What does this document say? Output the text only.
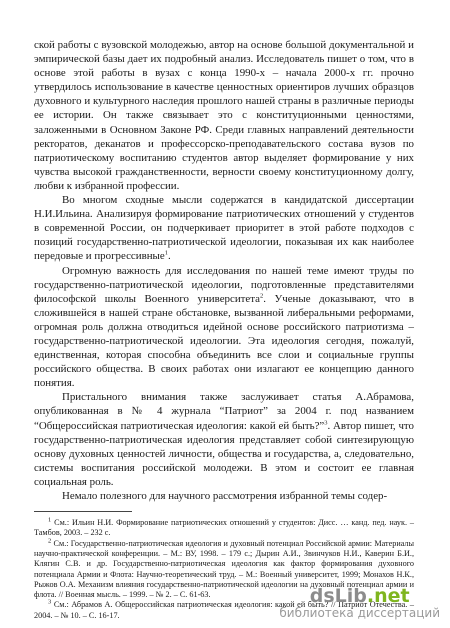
ской работы с вузовской молодежью, автор на основе большой документальной и эмпирической базы дает их подробный анализ. Исследователь пишет о том, что в основе этой работы в вузах с конца 1990-х – начала 2000-х гг. прочно утвердилось использование в качестве ценностных ориентиров лучших образцов духовного и культурного наследия прошлого нашей страны в различные периоды ее истории. Он также связывает это с конституционными ценностями, заложенными в Основном Законе РФ. Среди главных направлений деятельности ректоратов, деканатов и профессорско-преподавательского состава вузов по патриотическому воспитанию студентов автор выделяет формирование у них чувства высокой гражданственности, верности своему конституционному долгу, любви к избранной профессии.

Во многом сходные мысли содержатся в кандидатской диссертации Н.И.Ильина. Анализируя формирование патриотических отношений у студентов в современной России, он подчеркивает приоритет в этой работе подходов с позиций государственно-патриотической идеологии, показывая их как наиболее передовые и прогрессивные$^1$.

Огромную важность для исследования по нашей теме имеют труды по государственно-патриотической идеологии, подготовленные представителями философской школы Военного университета$^2$. Ученые доказывают, что в сложившейся в нашей стране обстановке, вызванной либеральными реформами, огромная роль должна отводиться идейной основе российского патриотизма – государственно-патриотической идеологии. Эта идеология сегодня, пожалуй, единственная, которая способна объединить все слои и социальные группы российского общества. В своих работах они излагают ее концепцию данного понятия.

Пристального внимания также заслуживает статья А.Абрамова, опубликованная в № 4 журнала “Патриот” за 2004 г. под названием “Общероссийская патриотическая идеология: какой ей быть?”$^3$. Автор пишет, что государственно-патриотическая идеология представляет собой синтезирующую основу духовных ценностей личности, общества и государства, а, следовательно, системы воспитания российской молодежи. В этом и состоит ее главная социальная роль.

Немало полезного для научного рассмотрения избранной темы содер-

$^1$ См.: Ильин Н.И. Формирование патриотических отношений у студентов: Дисс. … канд. пед. наук. – Тамбов, 2003. – 232 с.

$^2$ См.: Государственно-патриотическая идеология и духовный потенциал Российской армии: Материалы научно-практической конференции. – М.: ВУ, 1998. – 179 с.; Дырин А.И., Звинчуков Н.И., Каверин Б.И., Клягин С.В. и др. Государственно-патриотическая идеология как фактор формирования духовного потенциала Армии и Флота: Научно-теоретический труд. – М.: Военный университет, 1999; Монахов Н.К., Рыжов О.А. Механизм влияния государственно-патриотической идеологии на духовный потенциал армии и флота. // Военная мысль. – 1999. – № 2. – С. 61-63.

$^3$ См.: Абрамов А. Общероссийская патриотическая идеология: какой ей быть? // Патриот Отечества. – 2004. – № 10. – С. 16-17.

dsLib.net
библиотека диссертаций
